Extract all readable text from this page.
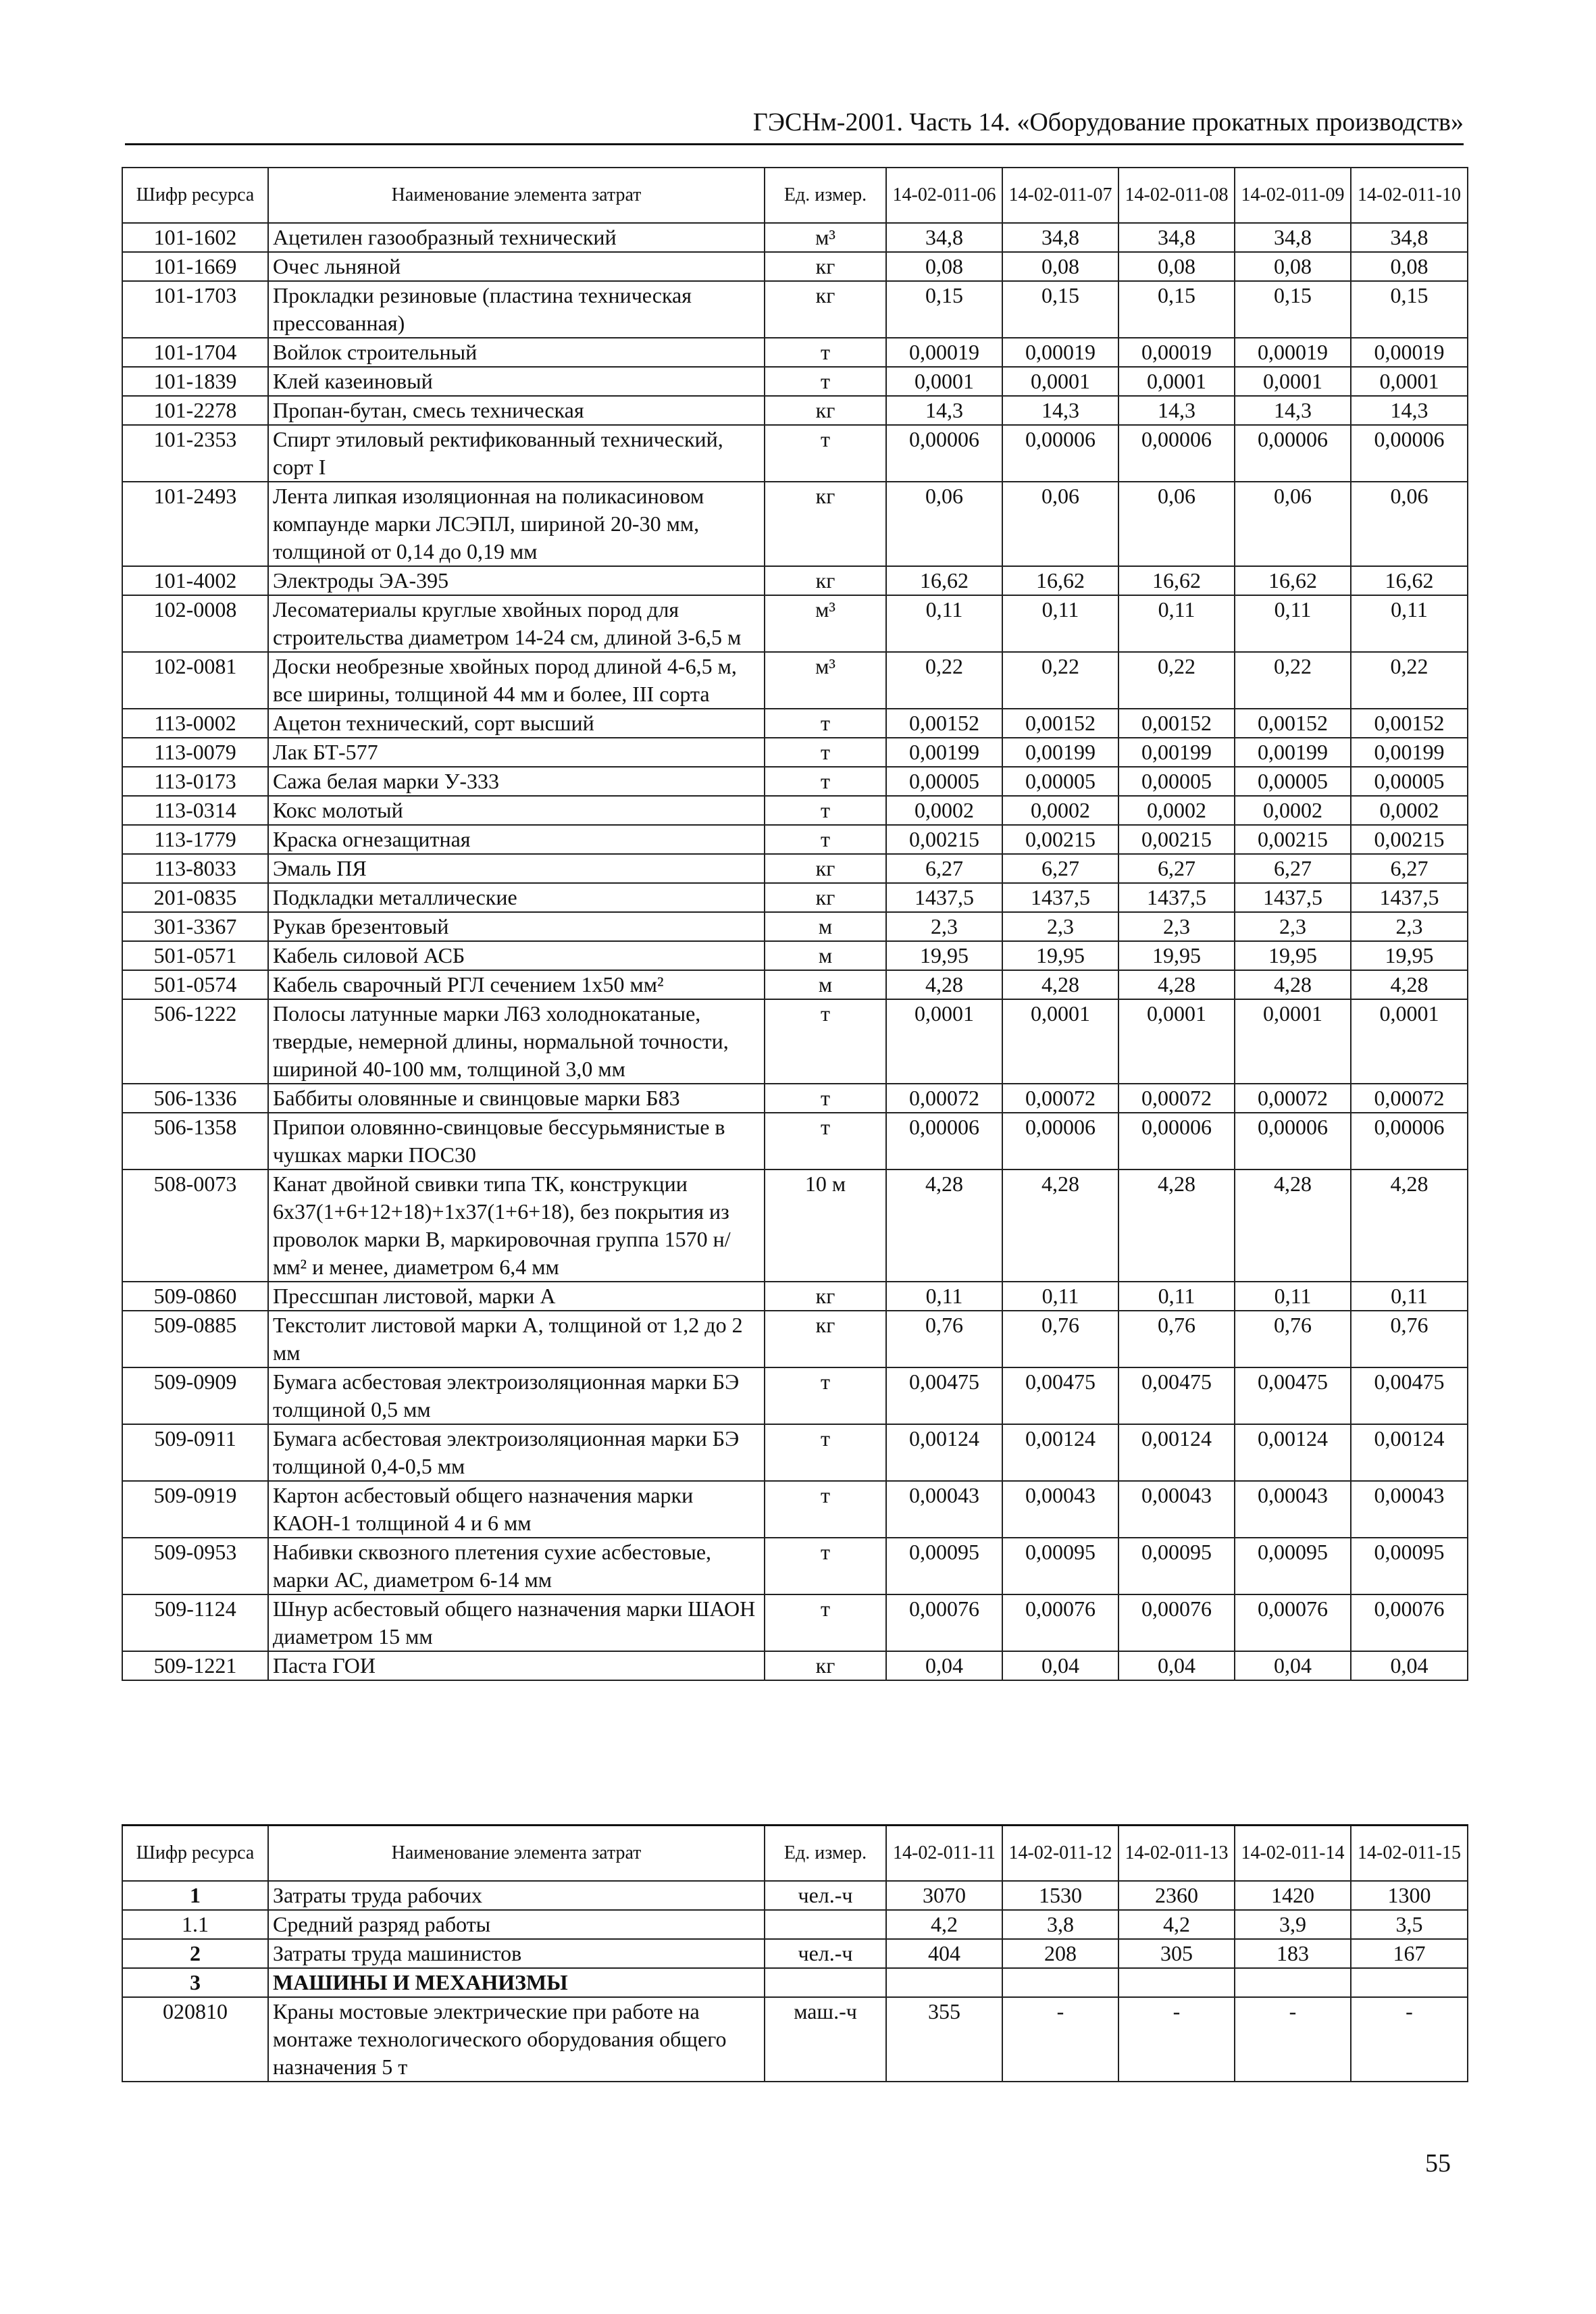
ГЭСНм-2001. Часть 14. «Оборудование прокатных производств»
Шифр ресурса	Наименование элемента затрат	Ед. измер.	14-02-011-06	14-02-011-07	14-02-011-08	14-02-011-09	14-02-011-10
101-1602	Ацетилен газообразный технический	м³	34,8	34,8	34,8	34,8	34,8
101-1669	Очес льняной	кг	0,08	0,08	0,08	0,08	0,08
101-1703	Прокладки резиновые (пластина техническая прессованная)	кг	0,15	0,15	0,15	0,15	0,15
101-1704	Войлок строительный	т	0,00019	0,00019	0,00019	0,00019	0,00019
101-1839	Клей казеиновый	т	0,0001	0,0001	0,0001	0,0001	0,0001
101-2278	Пропан-бутан, смесь техническая	кг	14,3	14,3	14,3	14,3	14,3
101-2353	Спирт этиловый ректификованный технический, сорт I	т	0,00006	0,00006	0,00006	0,00006	0,00006
101-2493	Лента липкая изоляционная на поликасиновом компаунде марки ЛСЭПЛ, шириной 20-30 мм, толщиной от 0,14 до 0,19 мм	кг	0,06	0,06	0,06	0,06	0,06
101-4002	Электроды ЭА-395	кг	16,62	16,62	16,62	16,62	16,62
102-0008	Лесоматериалы круглые хвойных пород для строительства диаметром 14-24 см, длиной 3-6,5 м	м³	0,11	0,11	0,11	0,11	0,11
102-0081	Доски необрезные хвойных пород длиной 4-6,5 м, все ширины, толщиной 44 мм и более, III сорта	м³	0,22	0,22	0,22	0,22	0,22
113-0002	Ацетон технический, сорт высший	т	0,00152	0,00152	0,00152	0,00152	0,00152
113-0079	Лак БТ-577	т	0,00199	0,00199	0,00199	0,00199	0,00199
113-0173	Сажа белая марки У-333	т	0,00005	0,00005	0,00005	0,00005	0,00005
113-0314	Кокс молотый	т	0,0002	0,0002	0,0002	0,0002	0,0002
113-1779	Краска огнезащитная	т	0,00215	0,00215	0,00215	0,00215	0,00215
113-8033	Эмаль ПЯ	кг	6,27	6,27	6,27	6,27	6,27
201-0835	Подкладки металлические	кг	1437,5	1437,5	1437,5	1437,5	1437,5
301-3367	Рукав брезентовый	м	2,3	2,3	2,3	2,3	2,3
501-0571	Кабель силовой АСБ	м	19,95	19,95	19,95	19,95	19,95
501-0574	Кабель сварочный РГЛ сечением 1х50 мм²	м	4,28	4,28	4,28	4,28	4,28
506-1222	Полосы латунные марки Л63 холоднокатаные, твердые, немерной длины, нормальной точности, шириной 40-100 мм, толщиной 3,0 мм	т	0,0001	0,0001	0,0001	0,0001	0,0001
506-1336	Баббиты оловянные и свинцовые марки Б83	т	0,00072	0,00072	0,00072	0,00072	0,00072
506-1358	Припои оловянно-свинцовые бессурьмянистые в чушках марки ПОС30	т	0,00006	0,00006	0,00006	0,00006	0,00006
508-0073	Канат двойной свивки типа ТК, конструкции 6х37(1+6+12+18)+1х37(1+6+18), без покрытия из проволок марки В, маркировочная группа 1570 н/мм² и менее, диаметром 6,4 мм	10 м	4,28	4,28	4,28	4,28	4,28
509-0860	Прессшпан листовой, марки А	кг	0,11	0,11	0,11	0,11	0,11
509-0885	Текстолит листовой марки А, толщиной от 1,2 до 2 мм	кг	0,76	0,76	0,76	0,76	0,76
509-0909	Бумага асбестовая электроизоляционная марки БЭ толщиной 0,5 мм	т	0,00475	0,00475	0,00475	0,00475	0,00475
509-0911	Бумага асбестовая электроизоляционная марки БЭ толщиной 0,4-0,5 мм	т	0,00124	0,00124	0,00124	0,00124	0,00124
509-0919	Картон асбестовый общего назначения марки КАОН-1 толщиной 4 и 6 мм	т	0,00043	0,00043	0,00043	0,00043	0,00043
509-0953	Набивки сквозного плетения сухие асбестовые, марки АС, диаметром 6-14 мм	т	0,00095	0,00095	0,00095	0,00095	0,00095
509-1124	Шнур асбестовый общего назначения марки ШАОН диаметром 15 мм	т	0,00076	0,00076	0,00076	0,00076	0,00076
509-1221	Паста ГОИ	кг	0,04	0,04	0,04	0,04	0,04
Шифр ресурса	Наименование элемента затрат	Ед. измер.	14-02-011-11	14-02-011-12	14-02-011-13	14-02-011-14	14-02-011-15
1	Затраты труда рабочих	чел.-ч	3070	1530	2360	1420	1300
1.1	Средний разряд работы		4,2	3,8	4,2	3,9	3,5
2	Затраты труда машинистов	чел.-ч	404	208	305	183	167
3	МАШИНЫ И МЕХАНИЗМЫ						
020810	Краны мостовые электрические при работе на монтаже технологического оборудования общего назначения 5 т	маш.-ч	355	-	-	-	-
55
